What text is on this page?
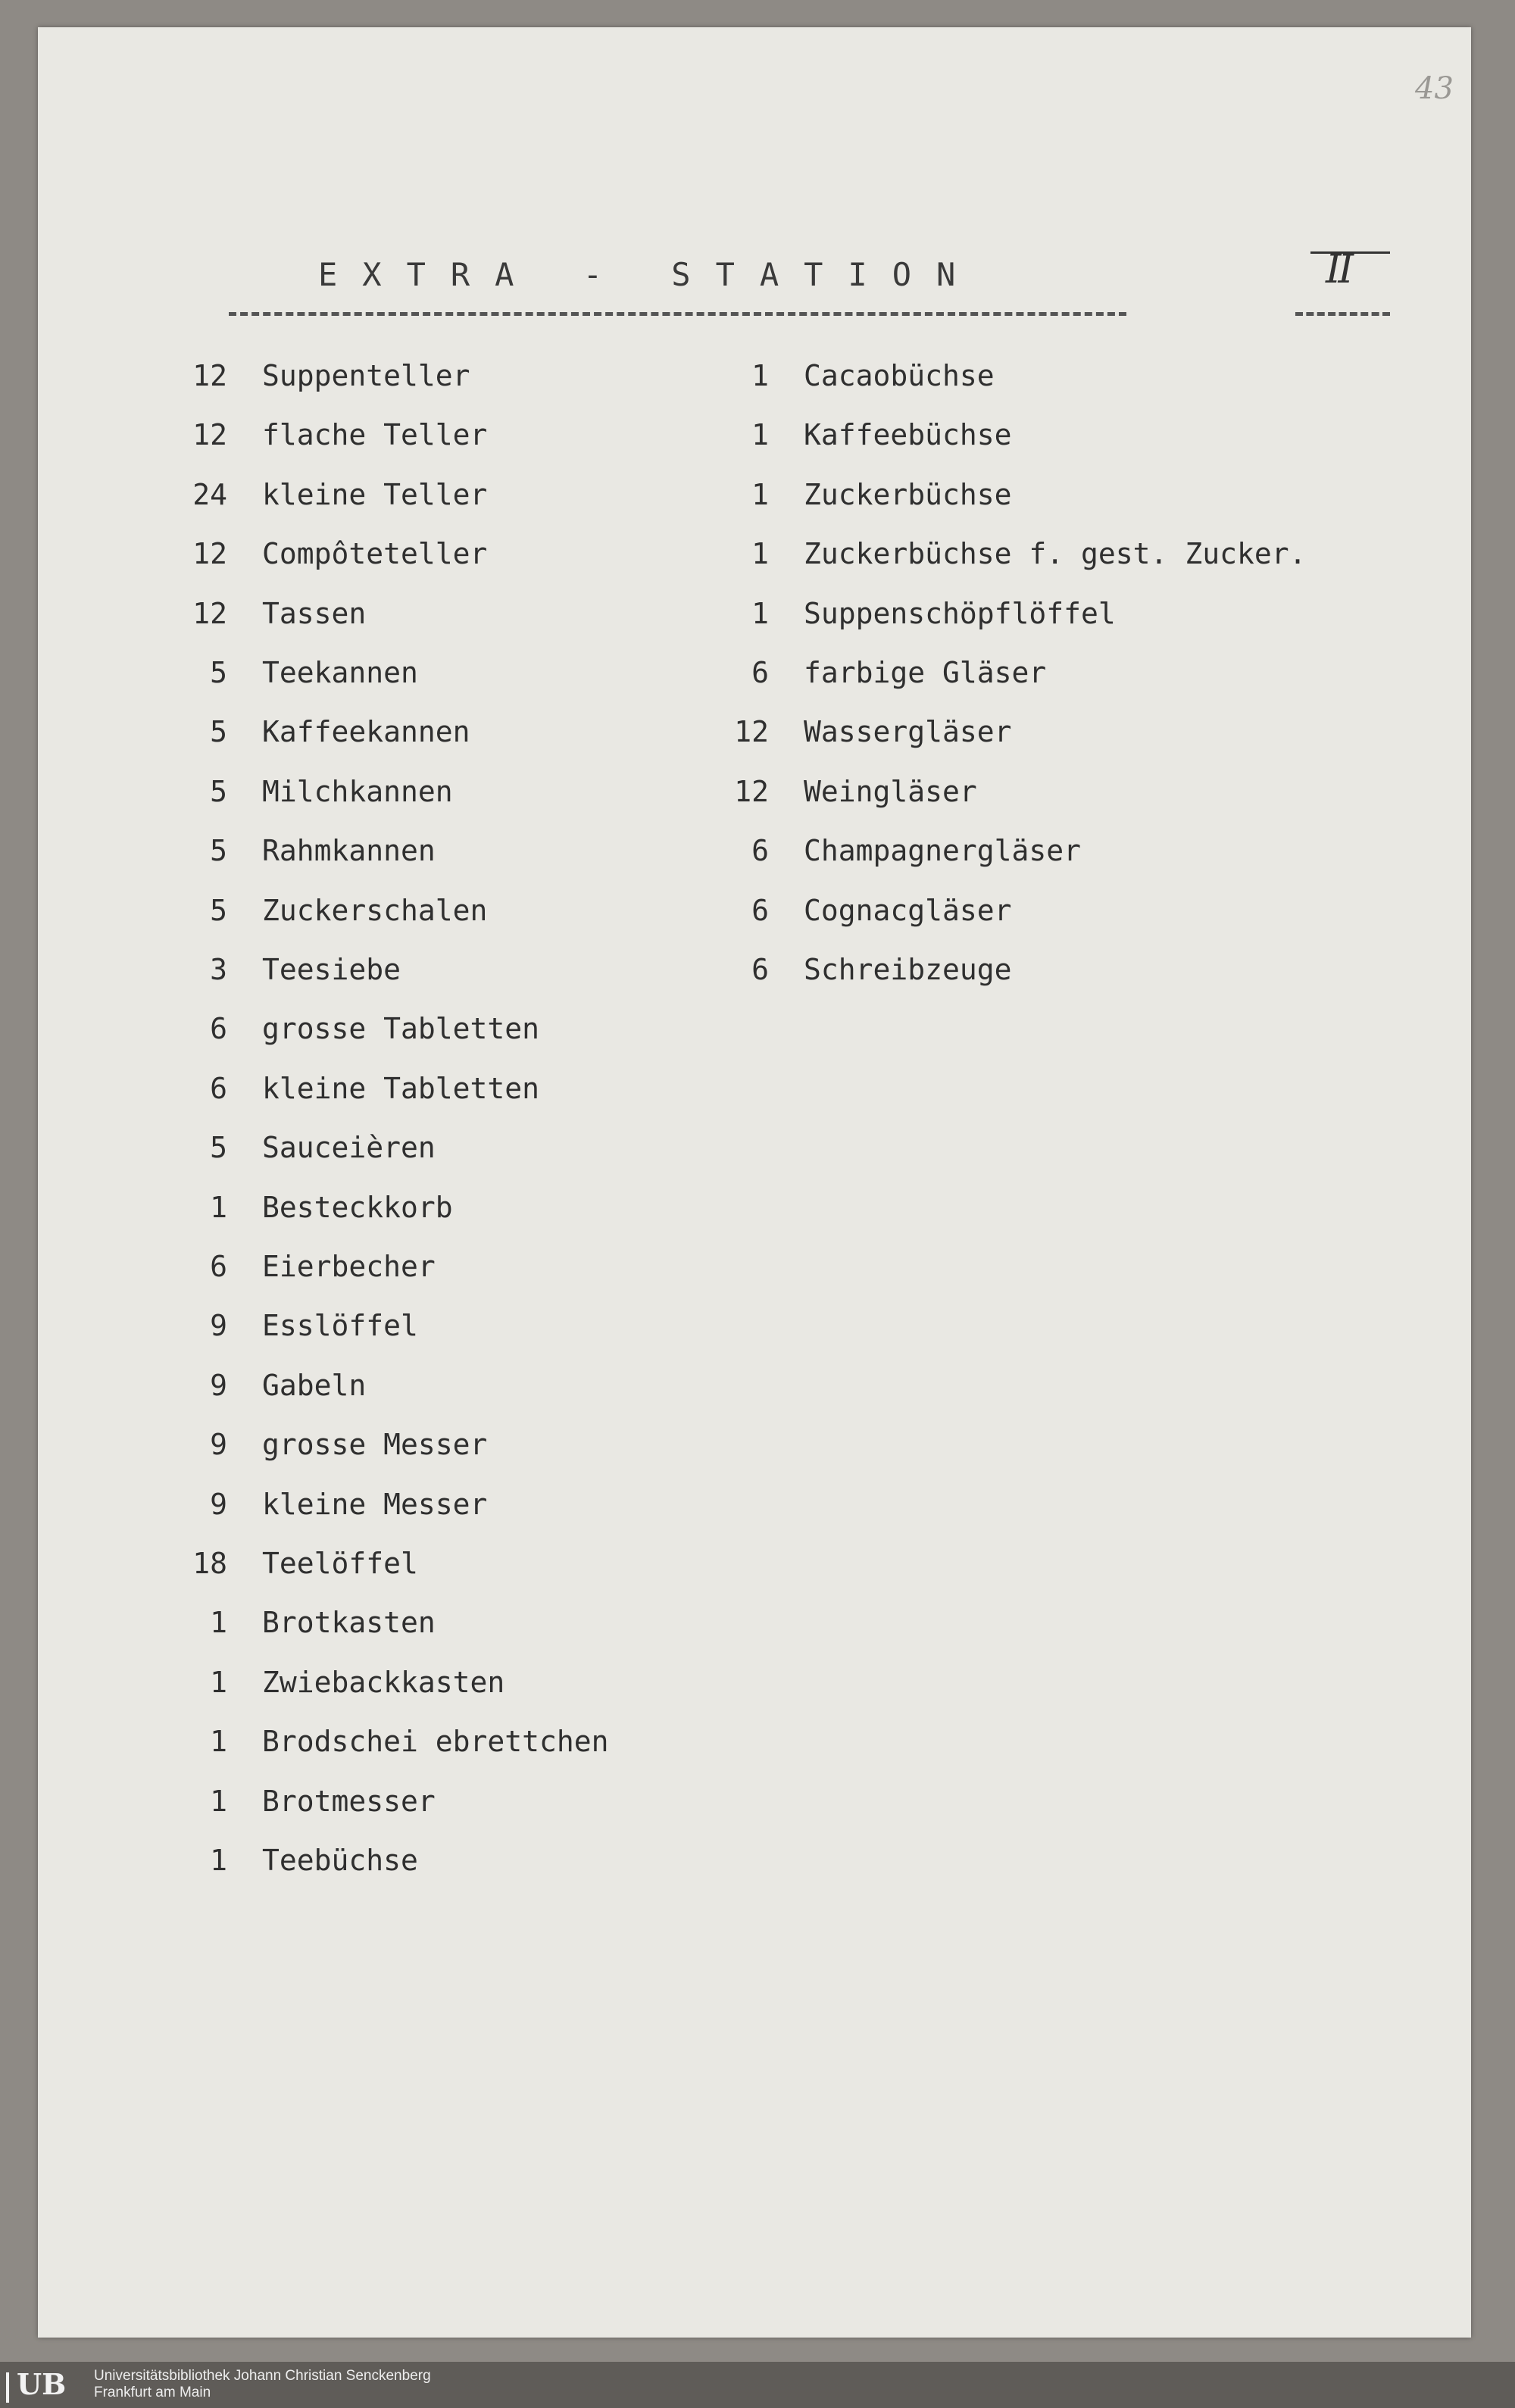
43
EXTRA - STATION	II
12 Suppenteller
12 flache Teller
24 kleine Teller
12 Compôteteller
12 Tassen
5 Teekannen
5 Kaffeekannen
5 Milchkannen
5 Rahmkannen
5 Zuckerschalen
3 Teesiebe
6 grosse Tabletten
6 kleine Tabletten
5 Sauceièren
1 Besteckkorb
6 Eierbecher
9 Esslöffel
9 Gabeln
9 grosse Messer
9 kleine Messer
18 Teelöffel
1 Brotkasten
1 Zwiebackkasten
1 Brodschei ebrettchen
1 Brotmesser
1 Teebüchse
1 Cacaobüchse
1 Kaffeebüchse
1 Zuckerbüchse
1 Zuckerbüchse f. gest. Zucker.
1 Suppenschöpflöffel
6 farbige Gläser
12 Wassergläser
12 Weingläser
6 Champagnergläser
6 Cognacgläser
6 Schreibzeuge
UB	Universitätsbibliothek Johann Christian Senckenberg
Frankfurt am Main
